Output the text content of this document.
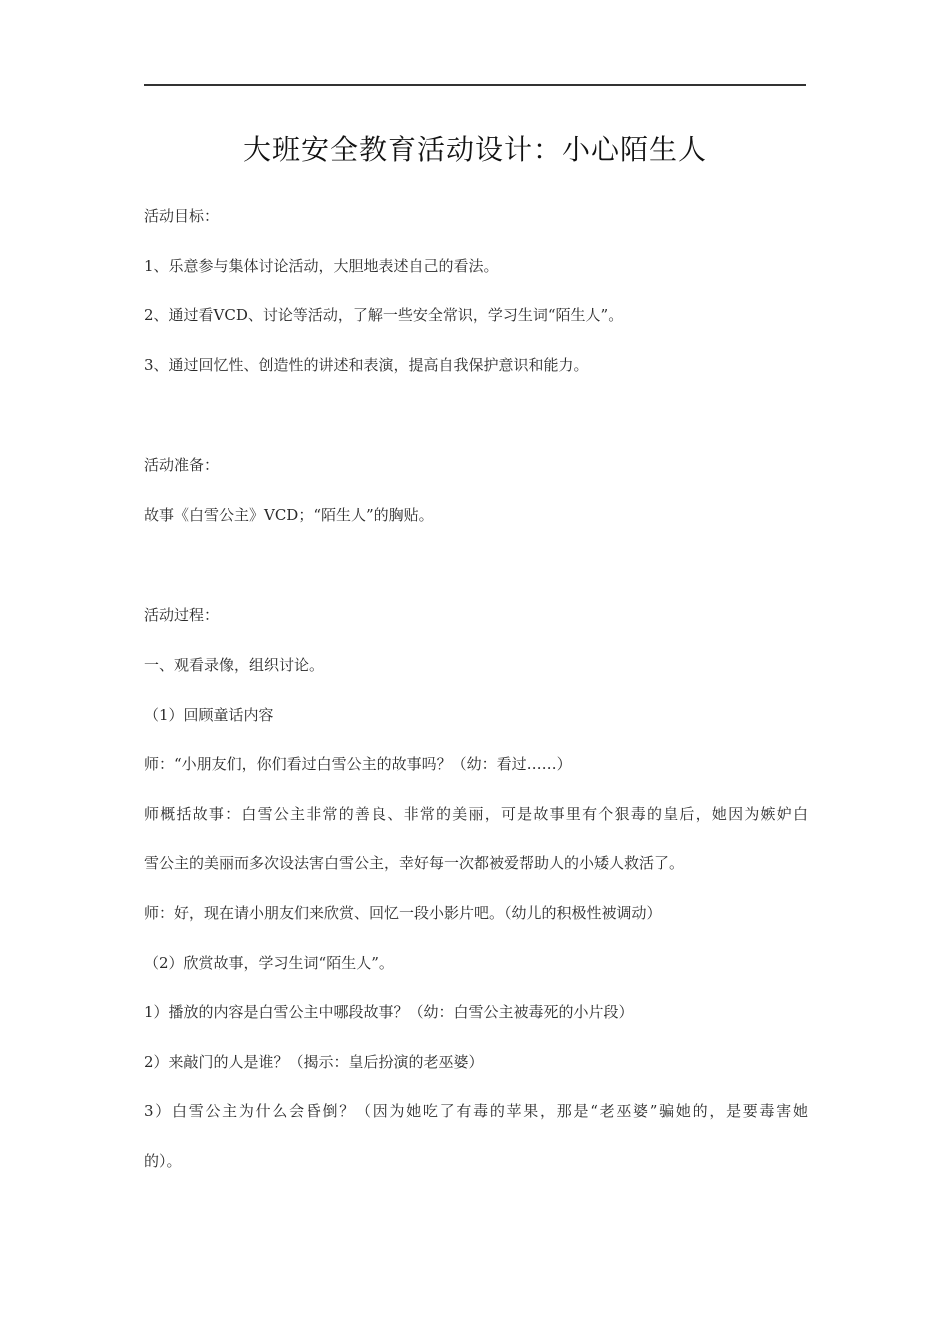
大班安全教育活动设计：小心陌生人
活动目标：
1、乐意参与集体讨论活动，大胆地表述自己的看法。
2、通过看VCD、讨论等活动，了解一些安全常识，学习生词“陌生人”。
3、通过回忆性、创造性的讲述和表演，提高自我保护意识和能力。
活动准备：
故事《白雪公主》VCD；“陌生人”的胸贴。
活动过程：
一、观看录像，组织讨论。
（1）回顾童话内容
师：“小朋友们，你们看过白雪公主的故事吗？（幼：看过……）
师概括故事：白雪公主非常的善良、非常的美丽，可是故事里有个狠毒的皇后，她因为嫉妒白
雪公主的美丽而多次设法害白雪公主，幸好每一次都被爱帮助人的小矮人救活了。
师：好，现在请小朋友们来欣赏、回忆一段小影片吧。（幼儿的积极性被调动）
（2）欣赏故事，学习生词“陌生人”。
1）播放的内容是白雪公主中哪段故事？（幼：白雪公主被毒死的小片段）
2）来敲门的人是谁？（揭示：皇后扮演的老巫婆）
3）白雪公主为什么会昏倒？（因为她吃了有毒的苹果，那是“老巫婆”骗她的，是要毒害她
的）。
